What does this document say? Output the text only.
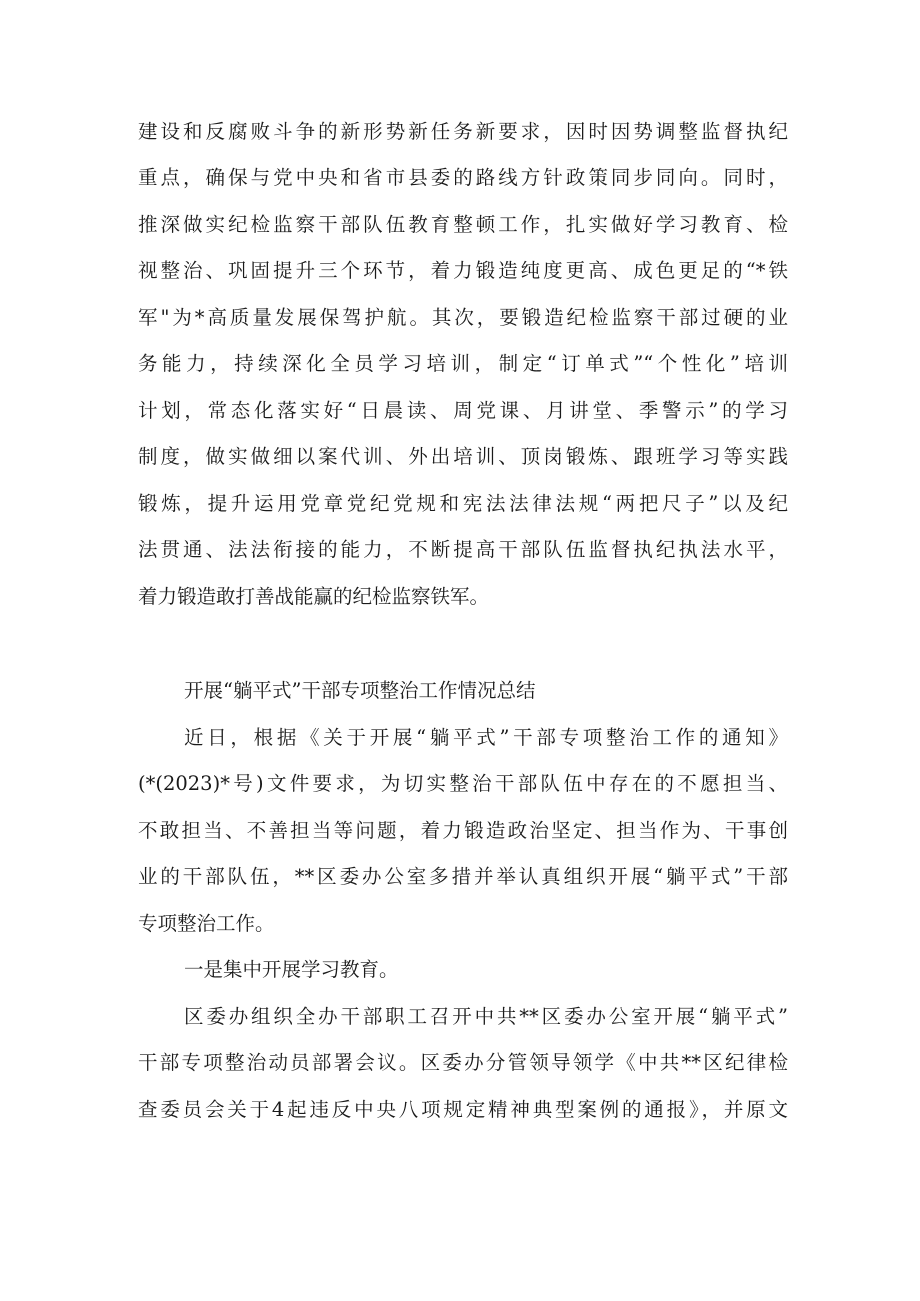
建设和反腐败斗争的新形势新任务新要求，因时因势调整监督执纪
重点，确保与党中央和省市县委的路线方针政策同步同向。同时，
推深做实纪检监察干部队伍教育整顿工作，扎实做好学习教育、检
视整治、巩固提升三个环节，着力锻造纯度更高、成色更足的“*铁
军"为*高质量发展保驾护航。其次，要锻造纪检监察干部过硬的业
务能力，持续深化全员学习培训，制定“订单式”“个性化”培训
计划，常态化落实好“日晨读、周党课、月讲堂、季警示”的学习
制度，做实做细以案代训、外出培训、顶岗锻炼、跟班学习等实践
锻炼，提升运用党章党纪党规和宪法法律法规“两把尺子”以及纪
法贯通、法法衔接的能力，不断提高干部队伍监督执纪执法水平，
着力锻造敢打善战能赢的纪检监察铁军。
开展“躺平式”干部专项整治工作情况总结
近日，根据《关于开展“躺平式”干部专项整治工作的通知》
(*(2023)*号)文件要求，为切实整治干部队伍中存在的不愿担当、
不敢担当、不善担当等问题，着力锻造政治坚定、担当作为、干事创
业的干部队伍，**区委办公室多措并举认真组织开展“躺平式”干部
专项整治工作。
一是集中开展学习教育。
区委办组织全办干部职工召开中共**区委办公室开展“躺平式”
干部专项整治动员部署会议。区委办分管领导领学《中共**区纪律检
查委员会关于4起违反中央八项规定精神典型案例的通报》，并原文
